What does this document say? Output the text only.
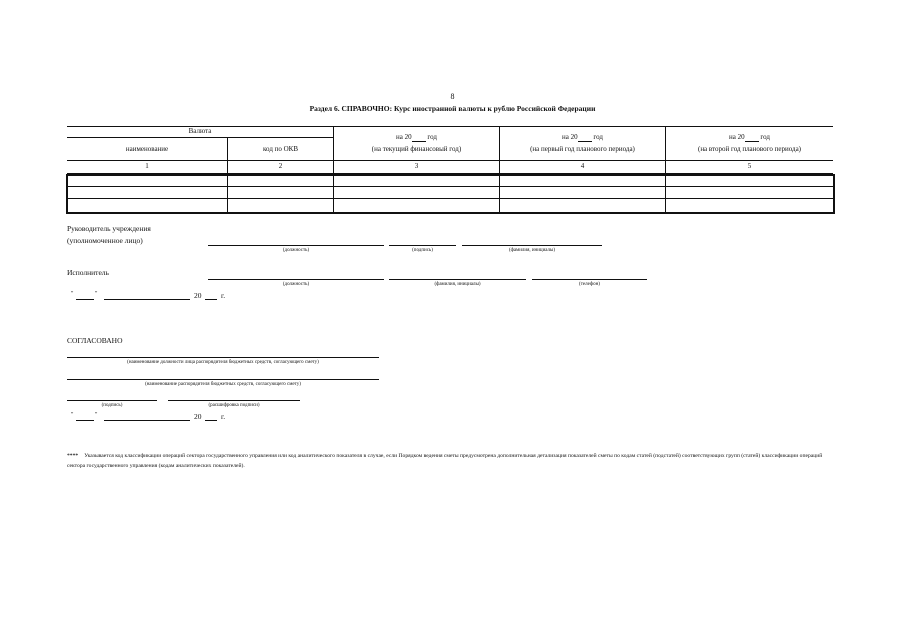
8
Раздел 6. СПРАВОЧНО: Курс иностранной валюты к рублю Российской Федерации
Валюта
наименование	код по ОКВ
на 20 год
(на текущий финансовый год)
на 20 год
(на первый год планового периода)
на 20 год
(на второй год планового периода)
1	2	3	4	5
Руководитель учреждения
(уполномоченное лицо)
(должность)	(подпись)	(фамилия, инициалы)
Исполнитель
(должность)	(фамилия, инициалы)	(телефон)
"	"	20	г.
СОГЛАСОВАНО
(наименование должности лица распорядителя бюджетных средств, согласующего смету)
(наименование распорядителя бюджетных средств, согласующего смету)
(подпись)	(расшифровка подписи)
"	"	20	г.
**** Указывается код классификации операций сектора государственного управления или код аналитического показателя в случае, если Порядком ведения сметы предусмотрена дополнительная детализация показателей сметы по кодам статей (подстатей) соответствующих групп (статей) классификации операций сектора государственного управления (кодам аналитических показателей).
